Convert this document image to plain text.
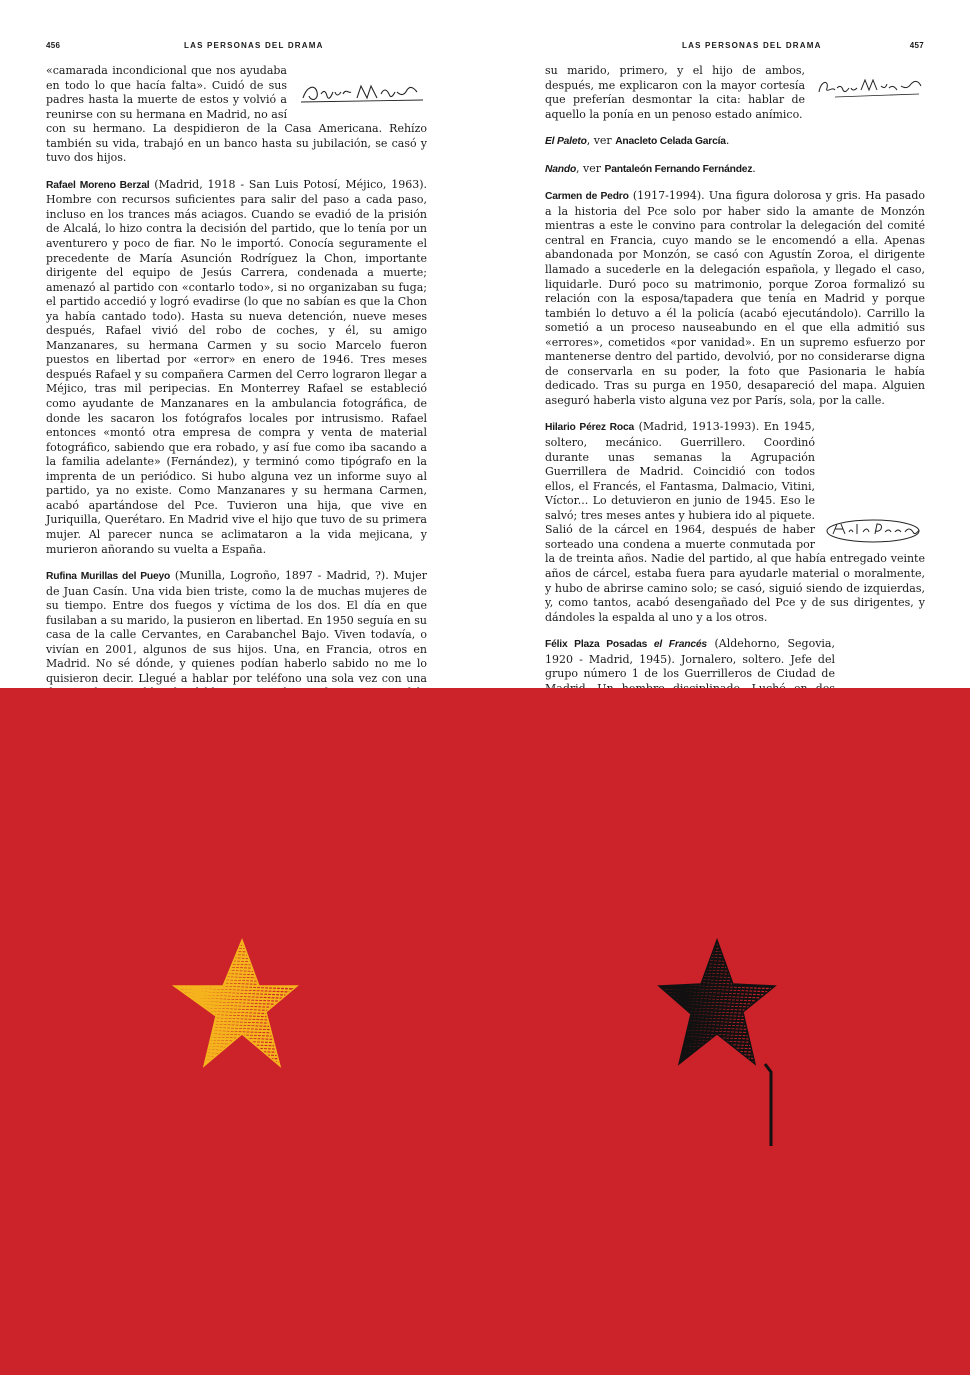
456	LAS PERSONAS DEL DRAMA

«camarada incondicional que nos ayudaba en todo lo que hacía falta». Cuidó de sus padres hasta la muerte de estos y volvió a reunirse con su hermana en Madrid, no así con su hermano. La despidieron de la Casa Americana. Rehízo también su vida, trabajó en un banco hasta su jubilación, se casó y tuvo dos hijos.

Rafael Moreno Berzal (Madrid, 1918 - San Luis Potosí, Méjico, 1963). Hombre con recursos suficientes para salir del paso a cada paso, incluso en los trances más aciagos. Cuando se evadió de la prisión de Alcalá, lo hizo contra la decisión del partido, que lo tenía por un aventurero y poco de fiar. No le importó. Conocía seguramente el precedente de María Asunción Rodríguez la Chon, importante dirigente del equipo de Jesús Carrera, condenada a muerte; amenazó al partido con «contarlo todo», si no organizaban su fuga; el partido accedió y logró evadirse (lo que no sabían es que la Chon ya había cantado todo). Hasta su nueva detención, nueve meses después, Rafael vivió del robo de coches, y él, su amigo Manzanares, su hermana Carmen y su socio Marcelo fueron puestos en libertad por «error» en enero de 1946. Tres meses después Rafael y su compañera Carmen del Cerro lograron llegar a Méjico, tras mil peripecias. En Monterrey Rafael se estableció como ayudante de Manzanares en la ambulancia fotográfica, de donde les sacaron los fotógrafos locales por intrusismo. Rafael entonces «montó otra empresa de compra y venta de material fotográfico, sabiendo que era robado, y así fue como iba sacando a la familia adelante» (Fernández), y terminó como tipógrafo en la imprenta de un periódico. Si hubo alguna vez un informe suyo al partido, ya no existe. Como Manzanares y su hermana Carmen, acabó apartándose del Pce. Tuvieron una hija, que vive en Juriquilla, Querétaro. En Madrid vive el hijo que tuvo de su primera mujer. Al parecer nunca se aclimataron a la vida mejicana, y murieron añorando su vuelta a España.

Rufina Murillas del Pueyo (Munilla, Logroño, 1897 - Madrid, ?). Mujer de Juan Casín. Una vida bien triste, como la de muchas mujeres de su tiempo. Entre dos fuegos y víctima de los dos. El día en que fusilaban a su marido, la pusieron en libertad. En 1950 seguía en su casa de la calle Cervantes, en Carabanchel Bajo. Viven todavía, o vivían en 2001, algunos de sus hijos. Una, en Francia, otros en Madrid. No sé dónde, y quienes podían haberlo sabido no me lo quisieron decir. Llegué a hablar por teléfono una sola vez con una

LAS PERSONAS DEL DRAMA	457

su marido, primero, y el hijo de ambos, después, me explicaron con la mayor cortesía que preferían desmontar la cita: hablar de aquello la ponía en un penoso estado anímico.

El Paleto, ver Anacleto Celada García.

Nando, ver Pantaleón Fernando Fernández.

Carmen de Pedro (1917-1994). Una figura dolorosa y gris. Ha pasado a la historia del Pce solo por haber sido la amante de Monzón mientras a este le convino para controlar la delegación del comité central en Francia, cuyo mando se le encomendó a ella. Apenas abandonada por Monzón, se casó con Agustín Zoroa, el dirigente llamado a sucederle en la delegación española, y llegado el caso, liquidarle. Duró poco su matrimonio, porque Zoroa formalizó su relación con la esposa/tapadera que tenía en Madrid y porque también lo detuvo a él la policía (acabó ejecutándolo). Carrillo la sometió a un proceso nauseabundo en el que ella admitió sus «errores», cometidos «por vanidad». En un supremo esfuerzo por mantenerse dentro del partido, devolvió, por no considerarse digna de conservarla en su poder, la foto que Pasionaria le había dedicado. Tras su purga en 1950, desapareció del mapa. Alguien aseguró haberla visto alguna vez por París, sola, por la calle.

Hilario Pérez Roca (Madrid, 1913-1993). En 1945, soltero, mecánico. Guerrillero. Coordinó durante unas semanas la Agrupación Guerrillera de Madrid. Coincidió con todos ellos, el Francés, el Fantasma, Dalmacio, Vitini, Víctor... Lo detuvieron en junio de 1945. Eso le salvó; tres meses antes y hubiera ido al piquete. Salió de la cárcel en 1964, después de haber sorteado una condena a muerte conmutada por la de treinta años. Nadie del partido, al que había entregado veinte años de cárcel, estaba fuera para ayudarle material o moralmente, y hubo de abrirse camino solo; se casó, siguió siendo de izquierdas, y, como tantos, acabó desengañado del Pce y de sus dirigentes, y dándoles la espalda al uno y a los otros.

Félix Plaza Posadas el Francés (Aldehorno, Segovia, 1920 - Madrid, 1945). Jornalero, soltero. Jefe del grupo número 1 de los Guerrilleros de Ciudad de
